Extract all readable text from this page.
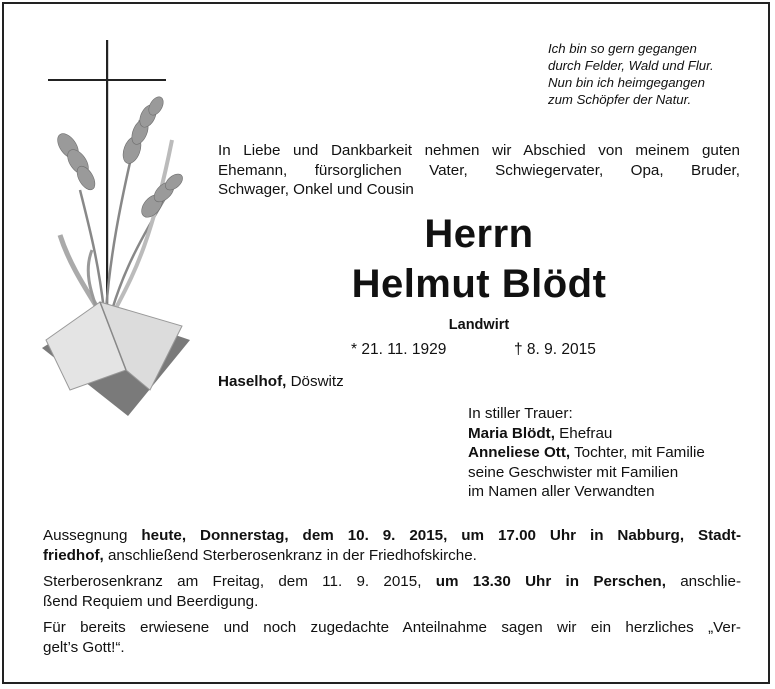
Ich bin so gern gegangen
durch Felder, Wald und Flur.
Nun bin ich heimgegangen
zum Schöpfer der Natur.
In Liebe und Dankbarkeit nehmen wir Abschied von meinem guten
Ehemann, fürsorglichen Vater, Schwiegervater, Opa, Bruder,
Schwager, Onkel und Cousin
Herrn
Helmut Blödt
Landwirt
* 21. 11. 1929	† 8. 9. 2015
Haselhof, Döswitz
In stiller Trauer:
Maria Blödt, Ehefrau
Anneliese Ott, Tochter, mit Familie
seine Geschwister mit Familien
im Namen aller Verwandten
Aussegnung heute, Donnerstag, dem 10. 9. 2015, um 17.00 Uhr in Nabburg, Stadt-
friedhof, anschließend Sterberosenkranz in der Friedhofskirche.
Sterberosenkranz am Freitag, dem 11. 9. 2015, um 13.30 Uhr in Perschen, anschlie-
ßend Requiem und Beerdigung.
Für bereits erwiesene und noch zugedachte Anteilnahme sagen wir ein herzliches „Ver-
gelt’s Gott!“.
